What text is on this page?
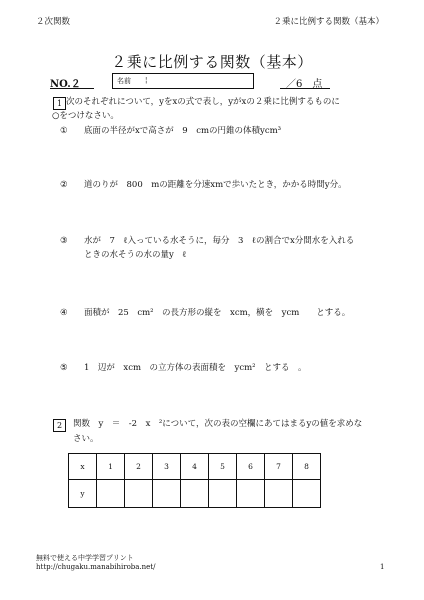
２次関数	２乗に比例する関数（基本）
２乗に比例する関数（基本）
NO.２	名前 ¦	／6　点
1 次のそれぞれについて，yをxの式で表し，yがxの２乗に比例するものに
○をつけなさい。
① 底面の半径がxで高さが　9　cmの円錐の体積ycm³
② 道のりが　800　mの距離を分速xmで歩いたとき，かかる時間y分。
③ 水が　7　ℓ入っている水そうに，毎分　3　ℓの割合でx分間水を入れる
ときの水そうの水の量y　ℓ
④ 面積が　25　cm²　の長方形の縦を　xcm，横を　ycm　　とする。
⑤ 1　辺が　xcm　の立方体の表面積を　ycm²　とする　。
2	関数　y　＝　-2　x　²について，次の表の空欄にあてはまるyの値を求めな
さい。
x	1	2	3	4	5	6	7	8
y								
無料で使える中学学習プリント
http://chugaku.manabihiroba.net/	1
